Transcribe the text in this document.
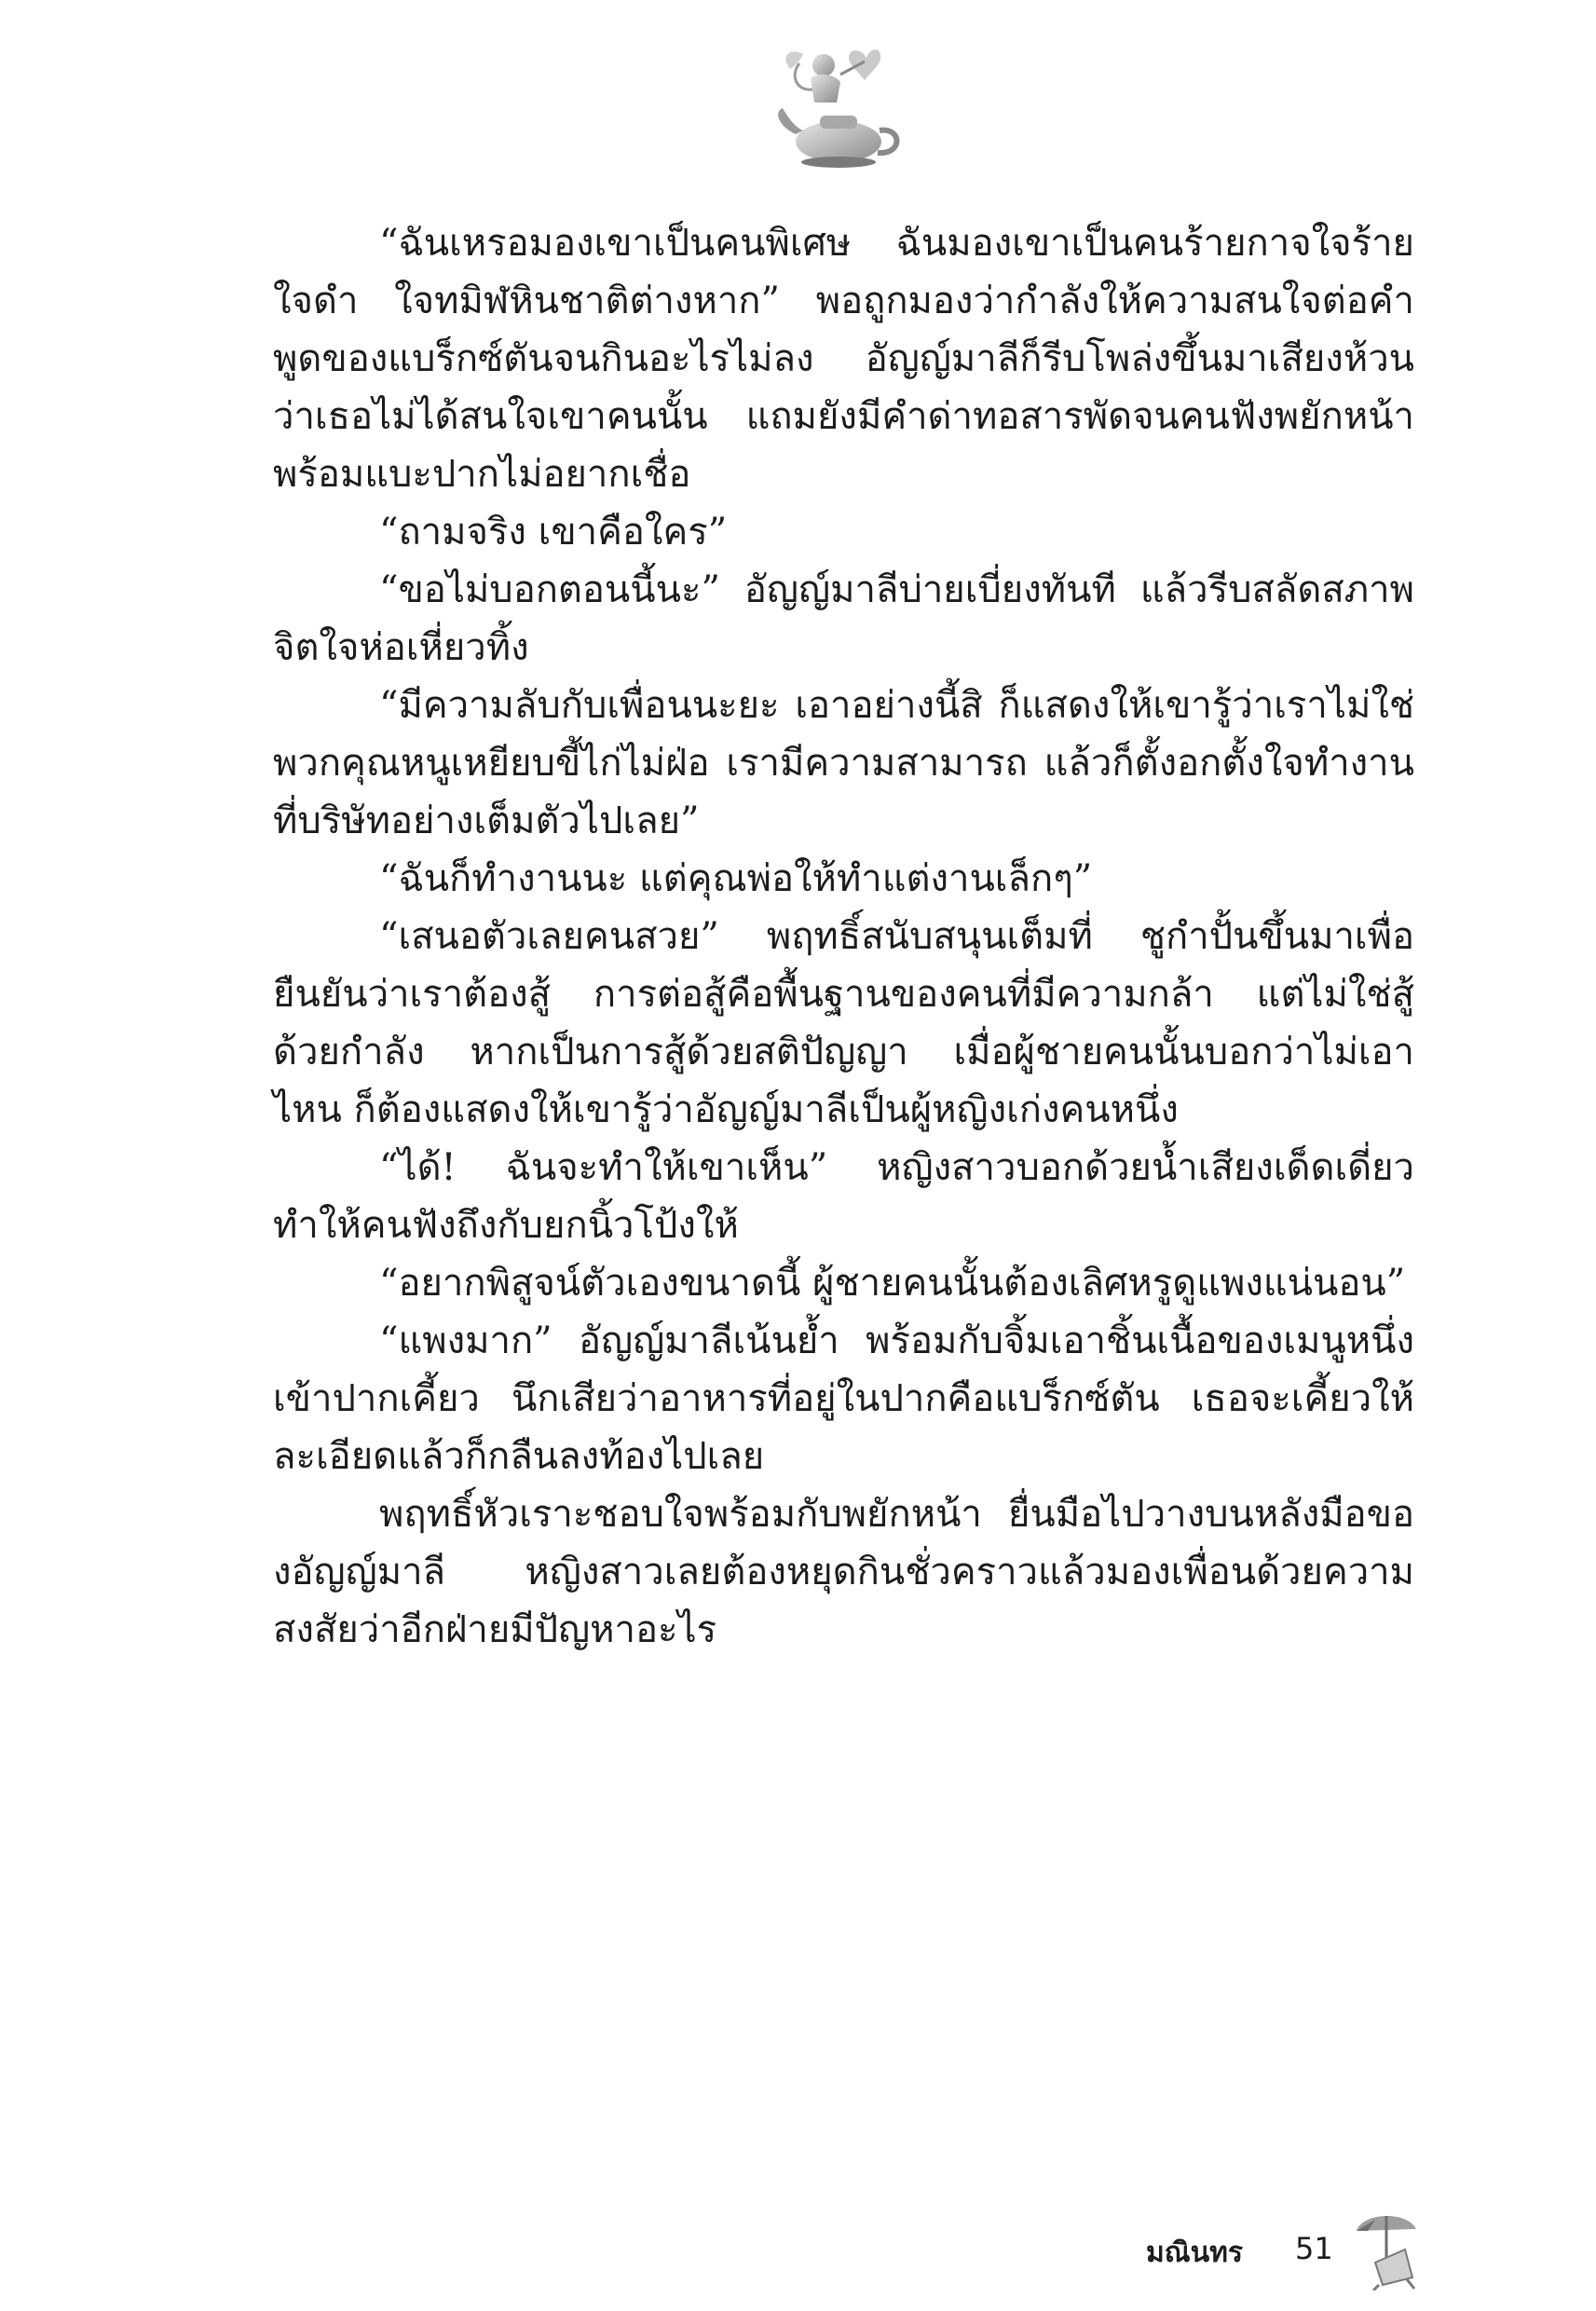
“ฉันเหรอมองเขาเป็นคนพิเศษ ฉันมองเขาเป็นคนร้ายกาจใจร้ายใจดำ ใจทมิฬหินชาติต่างหาก” พอถูกมองว่ากำลังให้ความสนใจต่อคำพูดของแบร็กซ์ตันจนกินอะไรไม่ลง อัญญ์มาลีก็รีบโพล่งขึ้นมาเสียงห้วนว่าเธอไม่ได้สนใจเขาคนนั้น แถมยังมีคำด่าทอสารพัดจนคนฟังพยักหน้าพร้อมแบะปากไม่อยากเชื่อ

“ถามจริง เขาคือใคร”

“ขอไม่บอกตอนนี้นะ” อัญญ์มาลีบ่ายเบี่ยงทันที แล้วรีบสลัดสภาพจิตใจห่อเหี่ยวทิ้ง

“มีความลับกับเพื่อนนะยะ เอาอย่างนี้สิ ก็แสดงให้เขารู้ว่าเราไม่ใช่พวกคุณหนูเหยียบขี้ไก่ไม่ฝ่อ เรามีความสามารถ แล้วก็ตั้งอกตั้งใจทำงานที่บริษัทอย่างเต็มตัวไปเลย”

“ฉันก็ทำงานนะ แต่คุณพ่อให้ทำแต่งานเล็กๆ”

“เสนอตัวเลยคนสวย” พฤทธิ์สนับสนุนเต็มที่ ชูกำปั้นขึ้นมาเพื่อยืนยันว่าเราต้องสู้ การต่อสู้คือพื้นฐานของคนที่มีความกล้า แต่ไม่ใช่สู้ด้วยกำลัง หากเป็นการสู้ด้วยสติปัญญา เมื่อผู้ชายคนนั้นบอกว่าไม่เอาไหน ก็ต้องแสดงให้เขารู้ว่าอัญญ์มาลีเป็นผู้หญิงเก่งคนหนึ่ง

“ได้! ฉันจะทำให้เขาเห็น” หญิงสาวบอกด้วยน้ำเสียงเด็ดเดี่ยวทำให้คนฟังถึงกับยกนิ้วโป้งให้

“อยากพิสูจน์ตัวเองขนาดนี้ ผู้ชายคนนั้นต้องเลิศหรูดูแพงแน่นอน”

“แพงมาก” อัญญ์มาลีเน้นย้ำ พร้อมกับจิ้มเอาชิ้นเนื้อของเมนูหนึ่งเข้าปากเคี้ยว นึกเสียว่าอาหารที่อยู่ในปากคือแบร็กซ์ตัน เธอจะเคี้ยวให้ละเอียดแล้วก็กลืนลงท้องไปเลย

พฤทธิ์หัวเราะชอบใจพร้อมกับพยักหน้า ยื่นมือไปวางบนหลังมือของอัญญ์มาลี หญิงสาวเลยต้องหยุดกินชั่วคราวแล้วมองเพื่อนด้วยความสงสัยว่าอีกฝ่ายมีปัญหาอะไร

มณินทร 51
